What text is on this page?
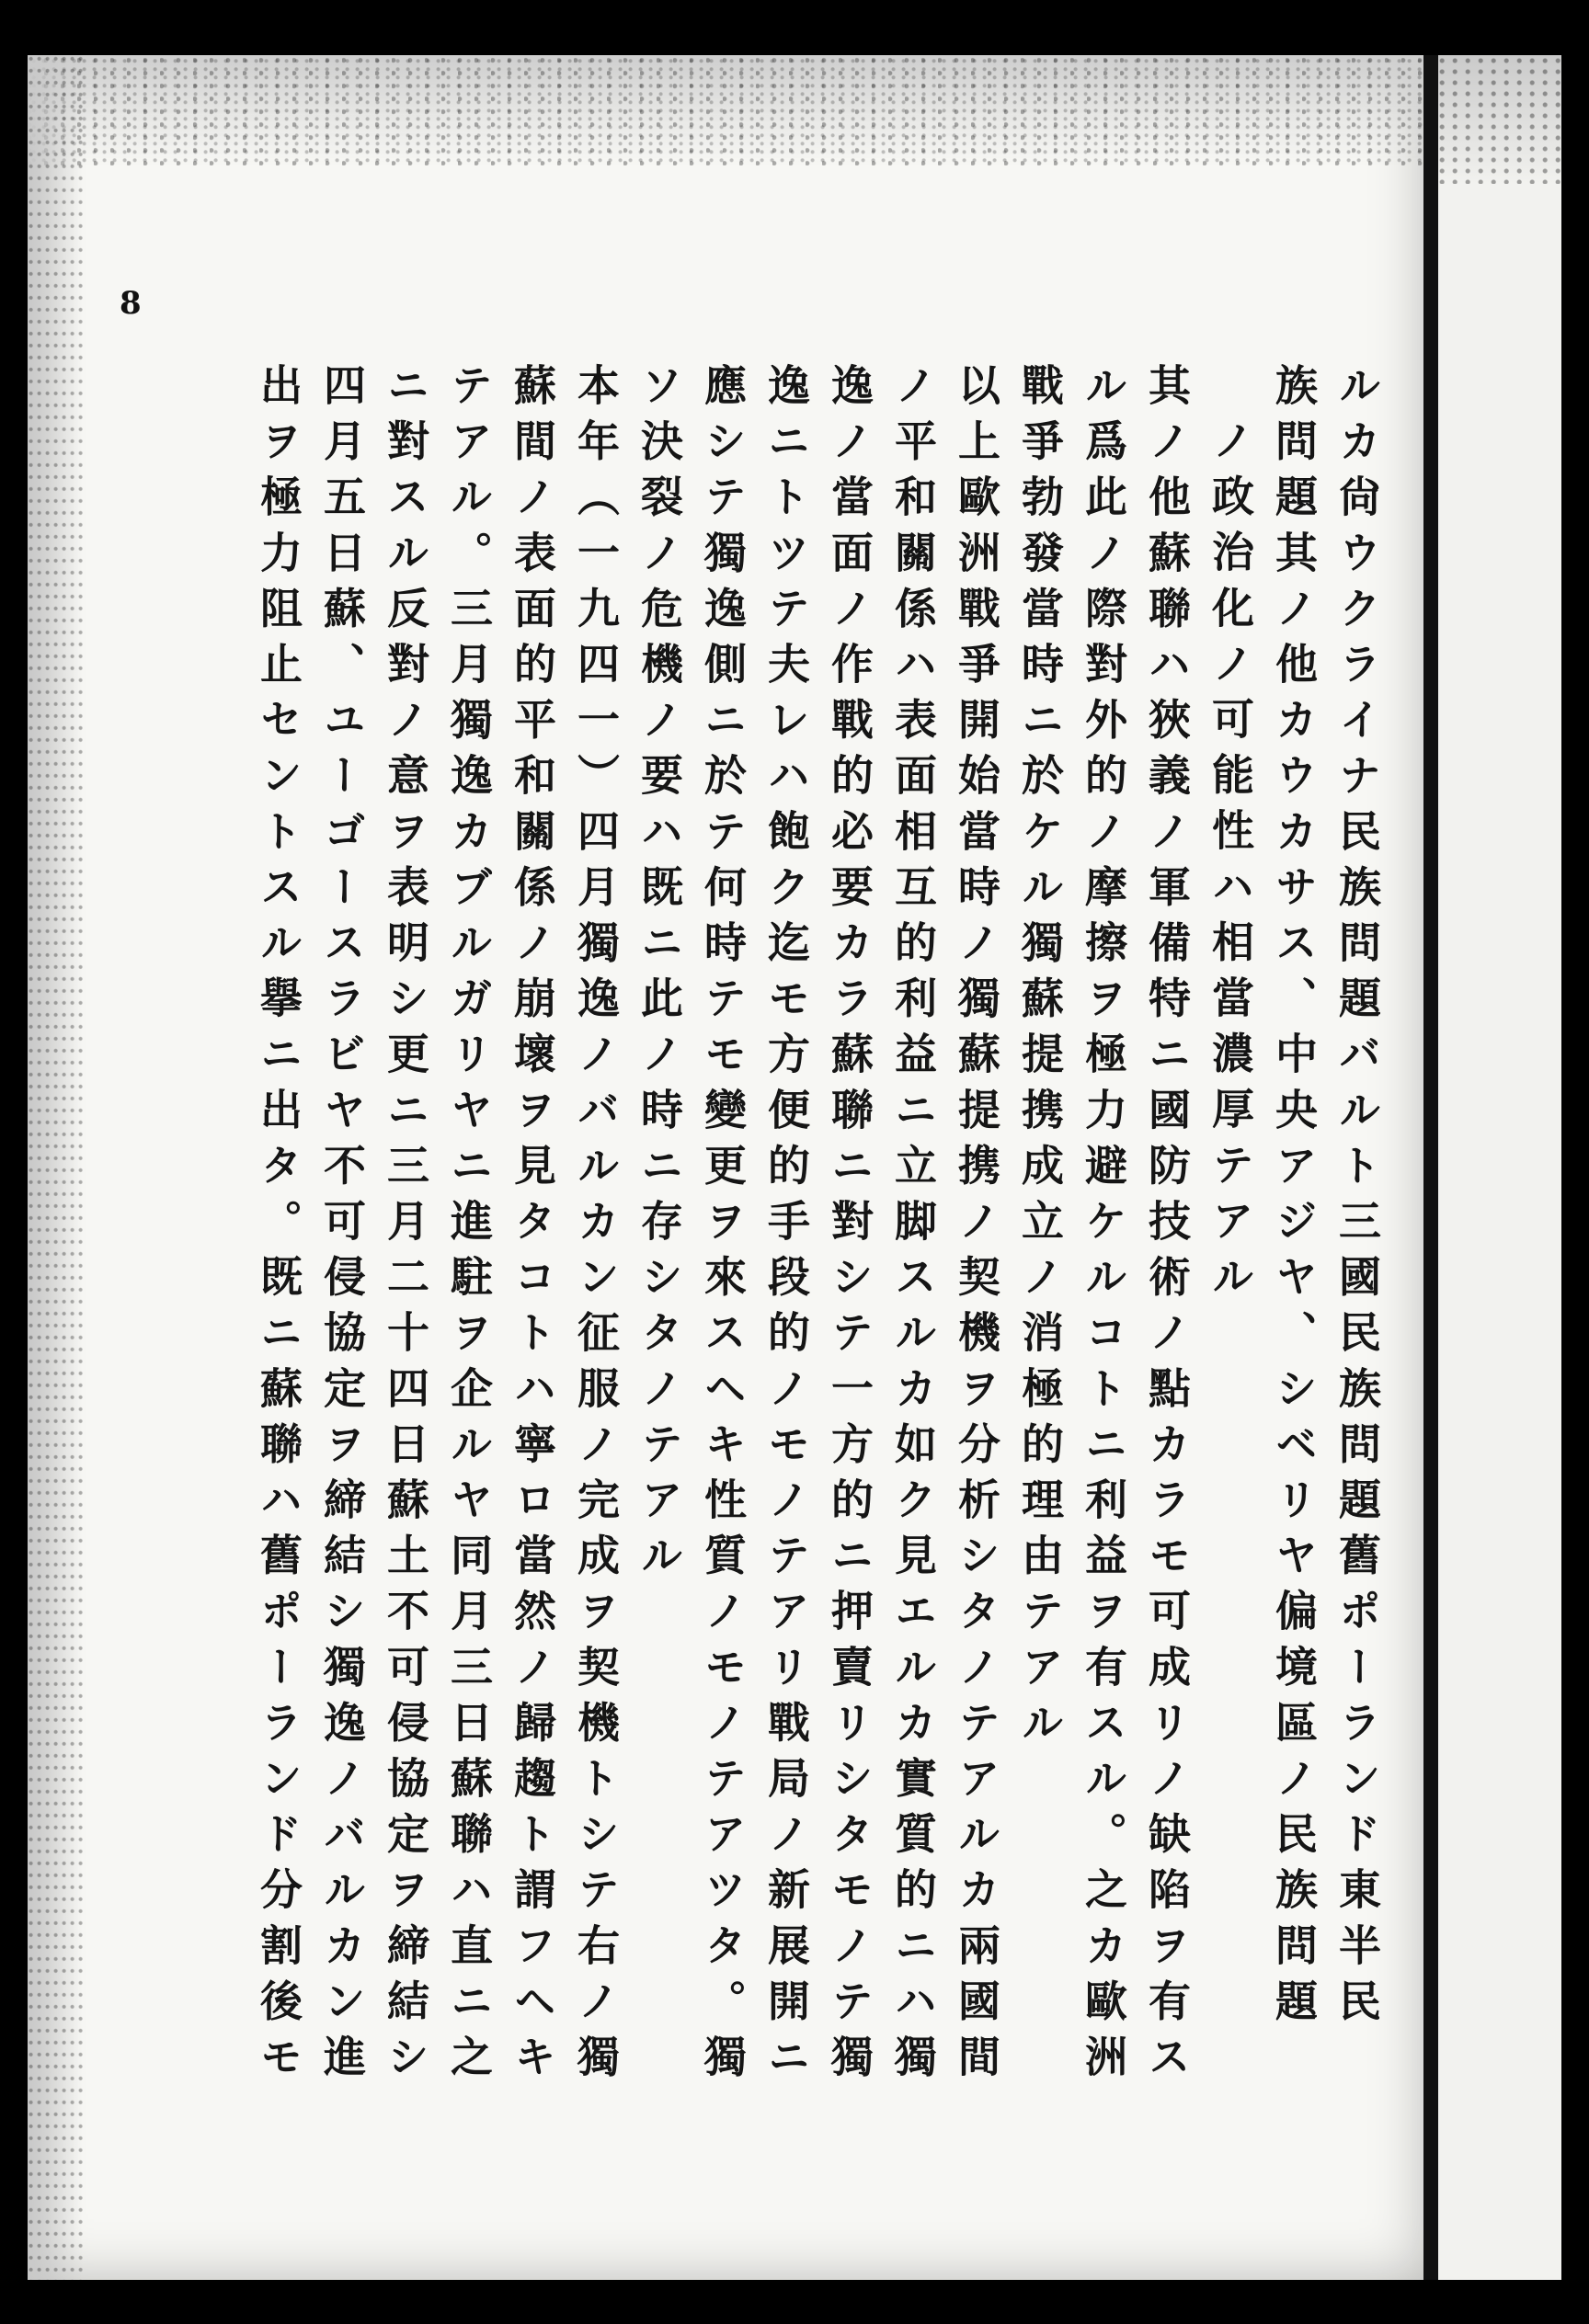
8
ルカ尙ウクライナ民族問題バルト三國民族問題舊ポーランド東半民
族問題其ノ他カウカサス、中央アジヤ、シベリヤ偏境區ノ民族問題
ノ政治化ノ可能性ハ相當濃厚テアル
其ノ他蘇聯ハ狹義ノ軍備特ニ國防技術ノ點カラモ可成リノ缺陷ヲ有ス
ル爲此ノ際對外的ノ摩擦ヲ極力避ケルコトニ利益ヲ有スル。之カ歐洲
戰爭勃發當時ニ於ケル獨蘇提携成立ノ消極的理由テアル
以上歐洲戰爭開始當時ノ獨蘇提携ノ契機ヲ分析シタノテアルカ兩國間
ノ平和關係ハ表面相互的利益ニ立脚スルカ如ク見エルカ實質的ニハ獨
逸ノ當面ノ作戰的必要カラ蘇聯ニ對シテ一方的ニ押賣リシタモノテ獨
逸ニトツテ夫レハ飽ク迄モ方便的手段的ノモノテアリ戰局ノ新展開ニ
應シテ獨逸側ニ於テ何時テモ變更ヲ來スヘキ性質ノモノテアツタ。獨
ソ決裂ノ危機ノ要ハ既ニ此ノ時ニ存シタノテアル
本年（一九四一）四月獨逸ノバルカン征服ノ完成ヲ契機トシテ右ノ獨
蘇間ノ表面的平和關係ノ崩壞ヲ見タコトハ寧ロ當然ノ歸趨ト謂フヘキ
テアル。三月獨逸カブルガリヤニ進駐ヲ企ルヤ同月三日蘇聯ハ直ニ之
ニ對スル反對ノ意ヲ表明シ更ニ三月二十四日蘇土不可侵協定ヲ締結シ
四月五日蘇、ユーゴースラビヤ不可侵協定ヲ締結シ獨逸ノバルカン進
出ヲ極力阻止セントスル擧ニ出タ。既ニ蘇聯ハ舊ポーランド分割後モ
